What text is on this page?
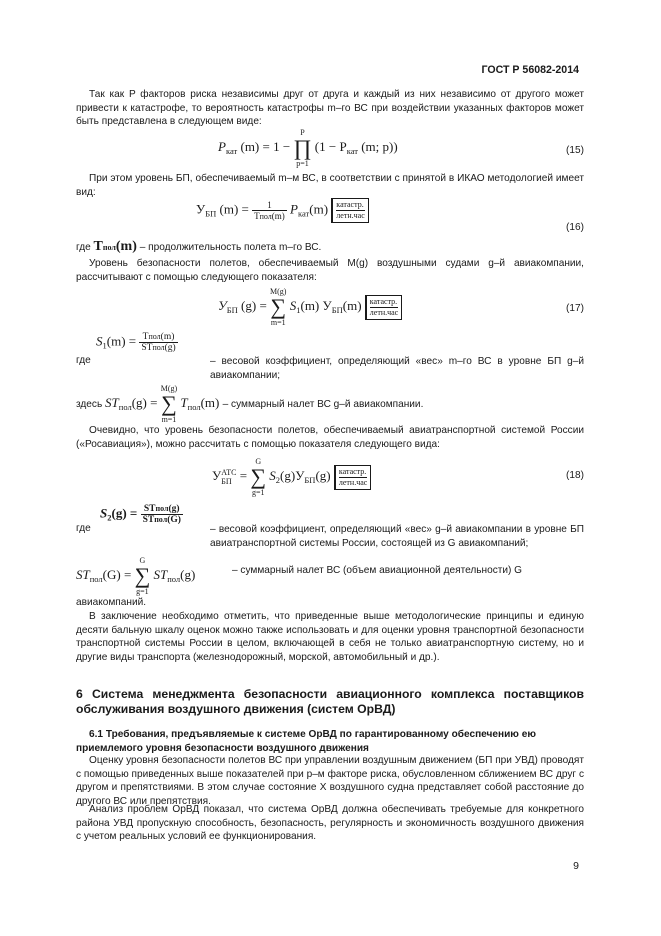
ГОСТ Р 56082-2014

Так как P факторов риска независимы друг от друга и каждый из них независимо от другого может привести к катастрофе, то вероятность катастрофы m–го ВС при воздействии указанных факторов может быть представлена в следующем виде:

$P_{кат}$ (m) = 1 − P
∏
p=1 ($1 - P_{кат}$ (m; p))	(15)

При этом уровень БП, обеспечиваемый m–м ВС, в соответствии с принятой в ИКАО методологией имеет вид:

$У_{БП}$ $(m) = \frac{1}{\text{Tпол(m)}} P_{кат}(m)$ катастр.
летн.час
(16)
где Tпол(m) – продолжительность полета m–го ВС.

Уровень безопасности полетов, обеспечиваемый M(g) воздушными судами g–й авиакомпании, рассчитывают с помощью следующего показателя:

$У_{БП}$ (g) = M(g)
∑
m=1 $S_1(m)$ $У_{БП}(m)$ катастр.
летн.час	(17)
$S_1(m) = \frac{\text{Tпол(m)}}{\text{STпол(g)}}$
где	– весовой коэффициент, определяющий «вес» m–го ВС в уровне БП g–й авиакомпании;

здесь $ST_{пол}(g) = M(g)$
∑
m=1 $T_{пол}(m)$ – суммарный налет ВС g–й авиакомпании.

Очевидно, что уровень безопасности полетов, обеспечиваемый авиатранспортной системой России («Росавиация»), можно рассчитать с помощью показателя следующего вида:

У АТС
БП = G
∑
g=1 $S_2(g)У_{БП}(g)$ катастр.
летн.час
(18)
$S_2(g) = \frac{\text{STпол(g)}}{\text{STпол(G)}}$
где	– весовой коэффициент, определяющий «вес» g–й авиакомпании в уровне БП авиатранспортной системы России, состоящей из G авиакомпаний;

$ST_{пол}(G) = G$
∑
g=1 $ST_{пол}(g)$	– суммарный налет ВС (объем авиационной деятельности) G
авиакомпаний.

В заключение необходимо отметить, что приведенные выше методологические принципы и единую десяти бальную шкалу оценок можно также использовать и для оценки уровня транспортной безопасности транспортной системы России в целом, включающей в себя не только авиатранспортную систему, но и другие виды транспорта (железнодорожный, морской, автомобильный и др.).

6 Система менеджмента безопасности авиационного комплекса поставщиков обслуживания воздушного движения (систем ОрВД)
6.1 Требования, предъявляемые к системе ОрВД по гарантированному обеспечению ею приемлемого уровня безопасности воздушного движения

Оценку уровня безопасности полетов ВС при управлении воздушным движением (БП при УВД) проводят с помощью приведенных выше показателей при p–м факторе риска, обусловленном сближением ВС друг с другом и препятствиями. В этом случае состояние X воздушного судна представляет собой расстояние до другого ВС или препятствия.

Анализ проблем ОрВД показал, что система ОрВД должна обеспечивать требуемые для конкретного района УВД пропускную способность, безопасность, регулярность и экономичность воздушного движения с учетом реальных условий ее функционирования.

9
